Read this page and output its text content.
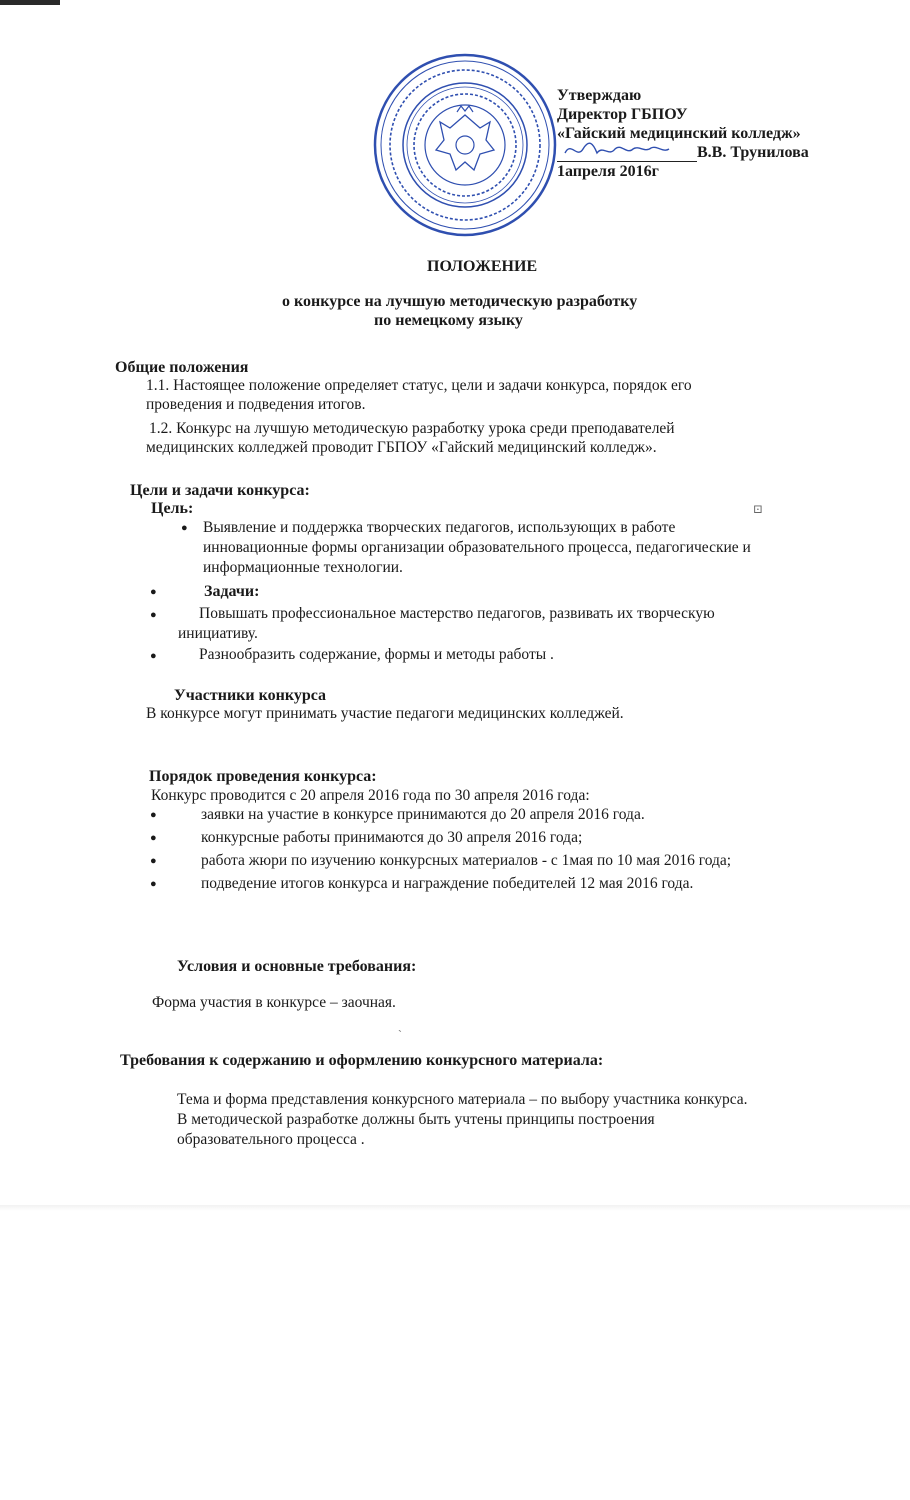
Утверждаю
Директор ГБПОУ
«Гайский медицинский колледж»
В.В. Трунилова
1апреля 2016г
ПОЛОЖЕНИЕ
о конкурсе на лучшую методическую разработку
по немецкому языку
Общие положения
1.1. Настоящее положение определяет статус, цели и задачи конкурса, порядок его
проведения и подведения итогов.
1.2. Конкурс на лучшую методическую разработку урока среди преподавателей
медицинских колледжей проводит ГБПОУ «Гайский медицинский колледж».
Цели и задачи конкурса:
Цель:	⊡
● Выявление и поддержка творческих педагогов, использующих в работе
инновационные формы организации образовательного процесса, педагогические и
информационные технологии.
●	Задачи:
●	Повышать профессиональное мастерство педагогов, развивать их творческую
инициативу.
●	Разнообразить содержание, формы и методы работы .
Участники конкурса
В конкурсе могут принимать участие педагоги медицинских колледжей.
Порядок проведения конкурса:
Конкурс проводится с 20 апреля 2016 года по 30 апреля 2016 года:
●	заявки на участие в конкурсе принимаются до 20 апреля 2016 года.
●	конкурсные работы принимаются до 30 апреля 2016 года;
●	работа жюри по изучению конкурсных материалов - с 1мая по 10 мая 2016 года;
●	подведение итогов конкурса и награждение победителей 12 мая 2016 года.
Условия и основные требования:
Форма участия в конкурсе – заочная.
˴
Требования к содержанию и оформлению конкурсного материала:
Тема и форма представления конкурсного материала – по выбору участника конкурса.
В методической разработке должны быть учтены принципы построения
образовательного процесса .
